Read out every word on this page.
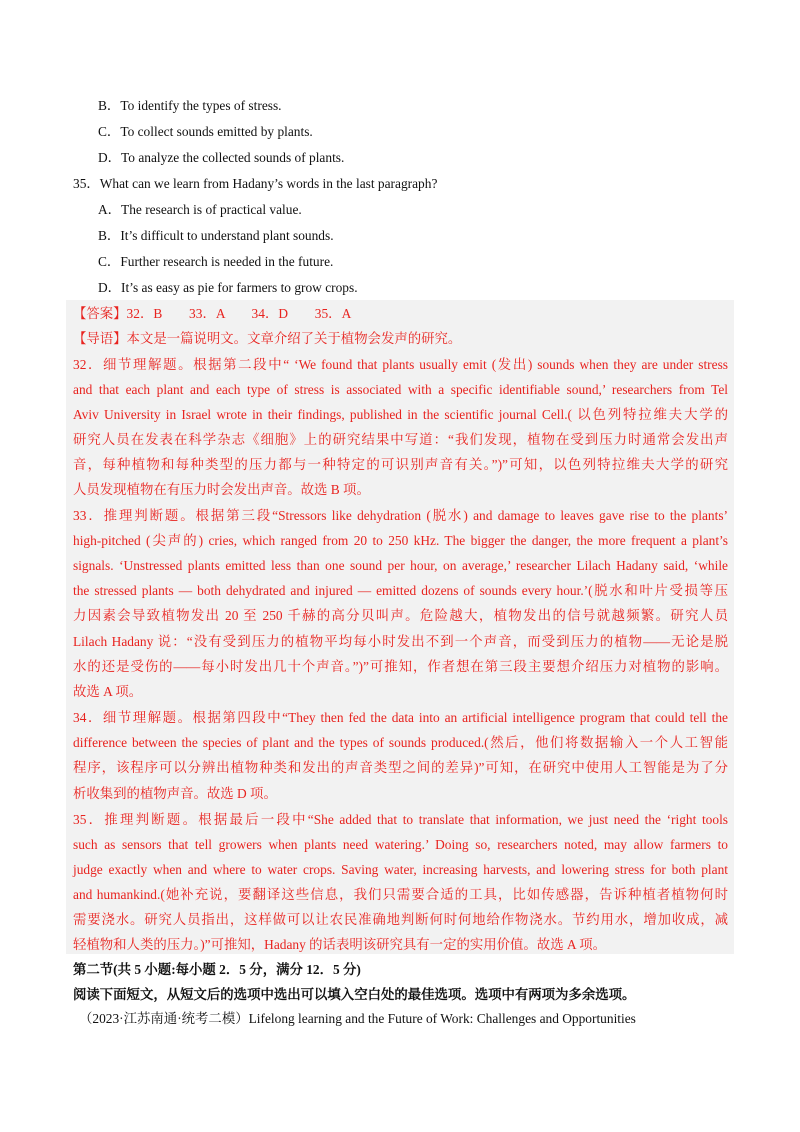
B．To identify the types of stress.
C．To collect sounds emitted by plants.
D．To analyze the collected sounds of plants.
35．What can we learn from Hadany’s words in the last paragraph?
A．The research is of practical value.
B．It’s difficult to understand plant sounds.
C．Further research is needed in the future.
D．It’s as easy as pie for farmers to grow crops.
【答案】32．B　　33．A　　34．D　　35．A
【导语】本文是一篇说明文。文章介绍了关于植物会发声的研究。
32．细节理解题。根据第二段中“ ‘We found that plants usually emit (发出) sounds when they are under stress
and that each plant and each type of stress is associated with a specific identifiable sound,’ researchers from Tel
Aviv University in Israel wrote in their findings, published in the scientific journal Cell.( 以色列特拉维夫大学的
研究人员在发表在科学杂志《细胞》上的研究结果中写道：“我们发现，植物在受到压力时通常会发出声
音，每种植物和每种类型的压力都与一种特定的可识别声音有关。”)”可知，以色列特拉维夫大学的研究
人员发现植物在有压力时会发出声音。故选 B 项。
33．推理判断题。根据第三段“Stressors like dehydration (脱水) and damage to leaves gave rise to the plants’
high-pitched (尖声的) cries, which ranged from 20 to 250 kHz. The bigger the danger, the more frequent a plant’s
signals. ‘Unstressed plants emitted less than one sound per hour, on average,’ researcher Lilach Hadany said, ‘while
the stressed plants — both dehydrated and injured — emitted dozens of sounds every hour.’(脱水和叶片受损等压
力因素会导致植物发出 20 至 250 千赫的高分贝叫声。危险越大，植物发出的信号就越频繁。研究人员
Lilach Hadany 说：“没有受到压力的植物平均每小时发出不到一个声音，而受到压力的植物——无论是脱
水的还是受伤的——每小时发出几十个声音。”)”可推知，作者想在第三段主要想介绍压力对植物的影响。
故选 A 项。
34．细节理解题。根据第四段中“They then fed the data into an artificial intelligence program that could tell the
difference between the species of plant and the types of sounds produced.(然后，他们将数据输入一个人工智能
程序，该程序可以分辨出植物种类和发出的声音类型之间的差异)”可知，在研究中使用人工智能是为了分
析收集到的植物声音。故选 D 项。
35．推理判断题。根据最后一段中“She added that to translate that information, we just need the ‘right tools
such as sensors that tell growers when plants need watering.’ Doing so, researchers noted, may allow farmers to
judge exactly when and where to water crops. Saving water, increasing harvests, and lowering stress for both plant
and humankind.(她补充说，要翻译这些信息，我们只需要合适的工具，比如传感器，告诉种植者植物何时
需要浇水。研究人员指出，这样做可以让农民准确地判断何时何地给作物浇水。节约用水，增加收成，减
轻植物和人类的压力。)”可推知，Hadany 的话表明该研究具有一定的实用价值。故选 A 项。
第二节(共 5 小题:每小题 2．5 分，满分 12．5 分)
阅读下面短文，从短文后的选项中选出可以填入空白处的最佳选项。选项中有两项为多余选项。
（2023·江苏南通·统考二模）Lifelong learning and the Future of Work: Challenges and Opportunities
